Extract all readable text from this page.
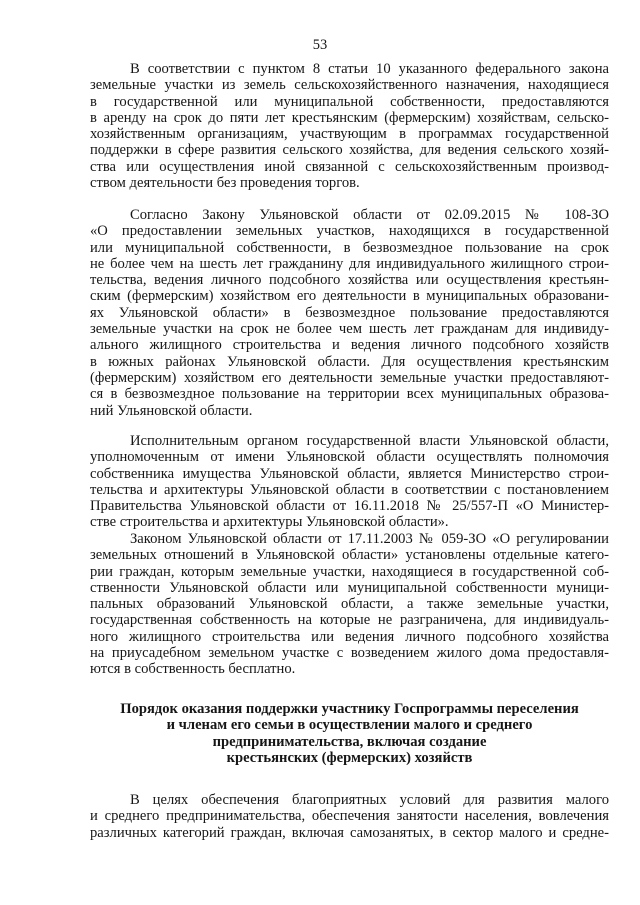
53
В соответствии с пунктом 8 статьи 10 указанного федерального закона
земельные участки из земель сельскохозяйственного назначения, находящиеся
в государственной или муниципальной собственности, предоставляются
в аренду на срок до пяти лет крестьянским (фермерским) хозяйствам, сельско-
хозяйственным организациям, участвующим в программах государственной
поддержки в сфере развития сельского хозяйства, для ведения сельского хозяй-
ства или осуществления иной связанной с сельскохозяйственным производ-
ством деятельности без проведения торгов.
Согласно Закону Ульяновской области от 02.09.2015 № 108-ЗО
«О предоставлении земельных участков, находящихся в государственной
или муниципальной собственности, в безвозмездное пользование на срок
не более чем на шесть лет гражданину для индивидуального жилищного строи-
тельства, ведения личного подсобного хозяйства или осуществления крестьян-
ским (фермерским) хозяйством его деятельности в муниципальных образовани-
ях Ульяновской области» в безвозмездное пользование предоставляются
земельные участки на срок не более чем шесть лет гражданам для индивиду-
ального жилищного строительства и ведения личного подсобного хозяйств
в южных районах Ульяновской области. Для осуществления крестьянским
(фермерским) хозяйством его деятельности земельные участки предоставляют-
ся в безвозмездное пользование на территории всех муниципальных образова-
ний Ульяновской области.
Исполнительным органом государственной власти Ульяновской области,
уполномоченным от имени Ульяновской области осуществлять полномочия
собственника имущества Ульяновской области, является Министерство строи-
тельства и архитектуры Ульяновской области в соответствии с постановлением
Правительства Ульяновской области от 16.11.2018 № 25/557-П «О Министер-
стве строительства и архитектуры Ульяновской области».
Законом Ульяновской области от 17.11.2003 № 059-ЗО «О регулировании
земельных отношений в Ульяновской области» установлены отдельные катего-
рии граждан, которым земельные участки, находящиеся в государственной соб-
ственности Ульяновской области или муниципальной собственности муници-
пальных образований Ульяновской области, а также земельные участки,
государственная собственность на которые не разграничена, для индивидуаль-
ного жилищного строительства или ведения личного подсобного хозяйства
на приусадебном земельном участке с возведением жилого дома предоставля-
ются в собственность бесплатно.
Порядок оказания поддержки участнику Госпрограммы переселения
и членам его семьи в осуществлении малого и среднего
предпринимательства, включая создание
крестьянских (фермерских) хозяйств
В целях обеспечения благоприятных условий для развития малого
и среднего предпринимательства, обеспечения занятости населения, вовлечения
различных категорий граждан, включая самозанятых, в сектор малого и средне-
